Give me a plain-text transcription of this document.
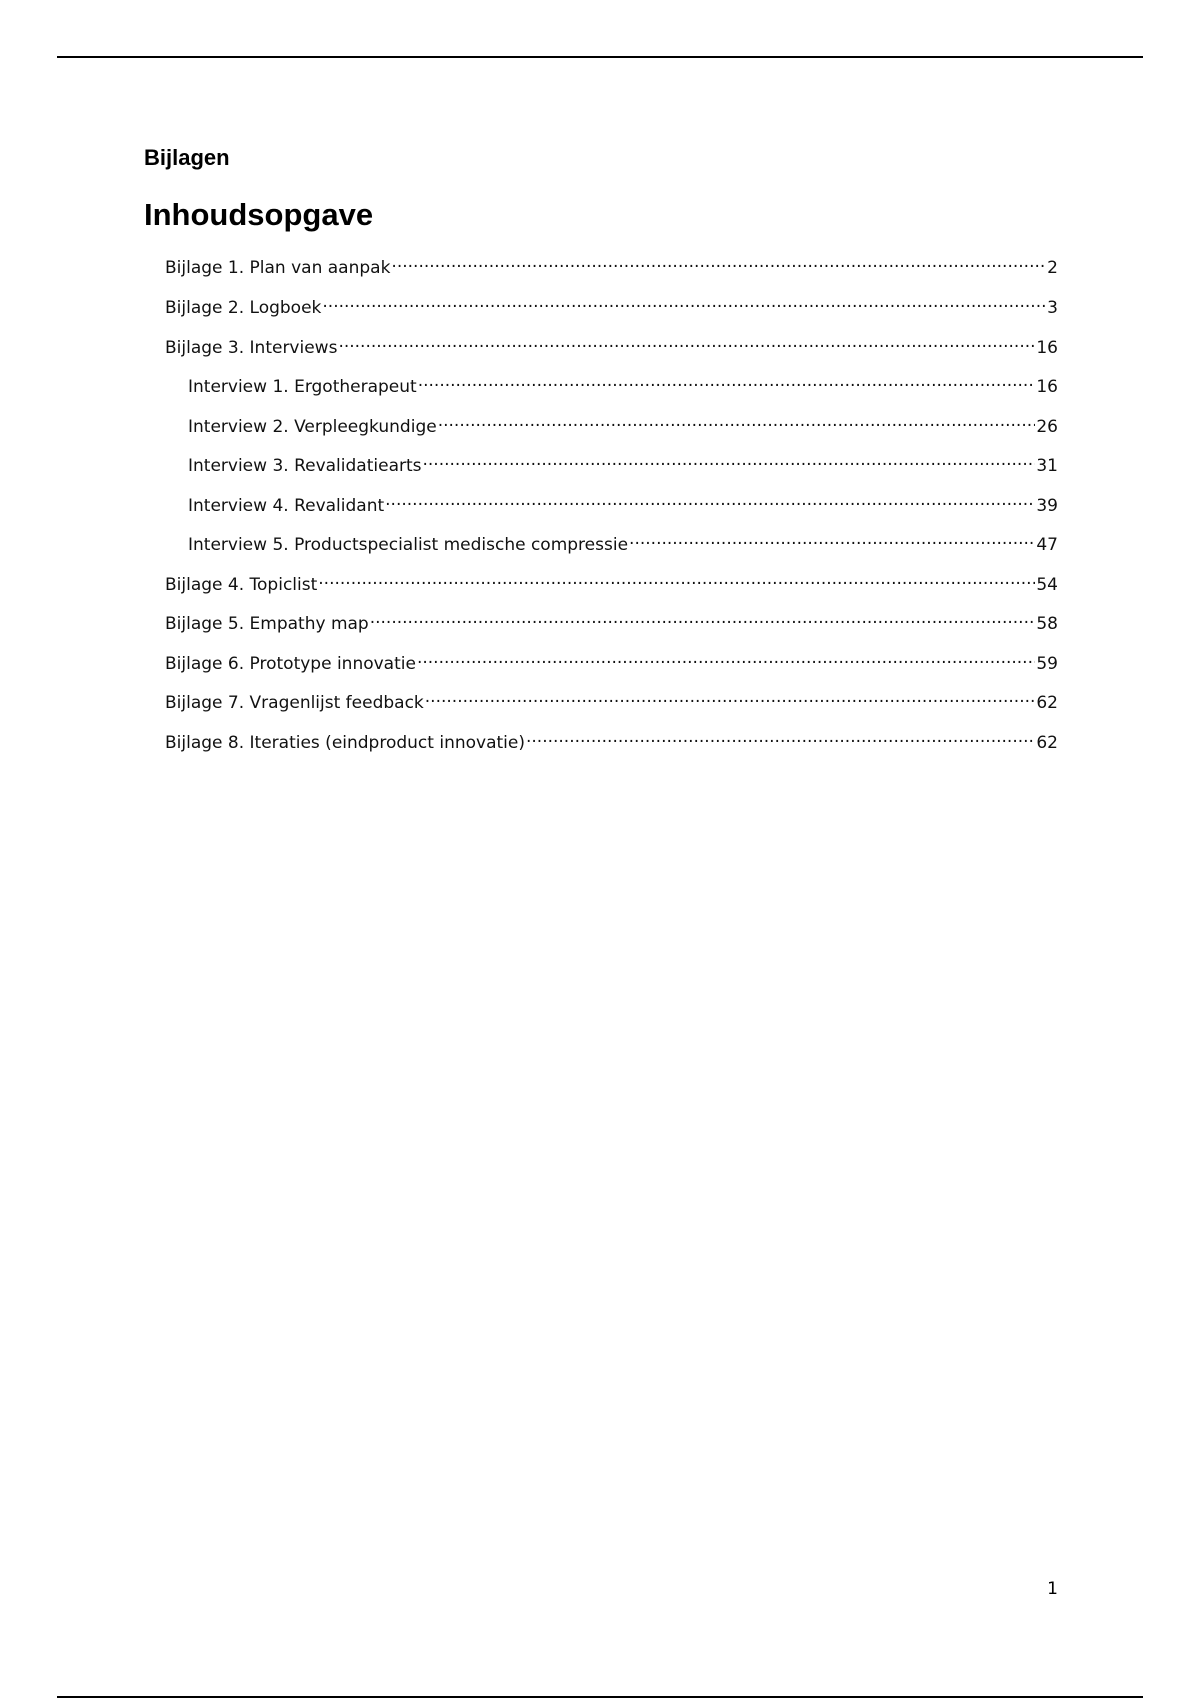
Bijlagen
Inhoudsopgave
Bijlage 1. Plan van aanpak .....	2
Bijlage 2. Logboek .....	3
Bijlage 3. Interviews .....	16
Interview 1. Ergotherapeut .....	16
Interview 2. Verpleegkundige .....	26
Interview 3. Revalidatiearts .....	31
Interview 4. Revalidant .....	39
Interview 5. Productspecialist medische compressie .....	47
Bijlage 4. Topiclist .....	54
Bijlage 5. Empathy map .....	58
Bijlage 6. Prototype innovatie .....	59
Bijlage 7. Vragenlijst feedback .....	62
Bijlage 8. Iteraties (eindproduct innovatie) .....	62
1
